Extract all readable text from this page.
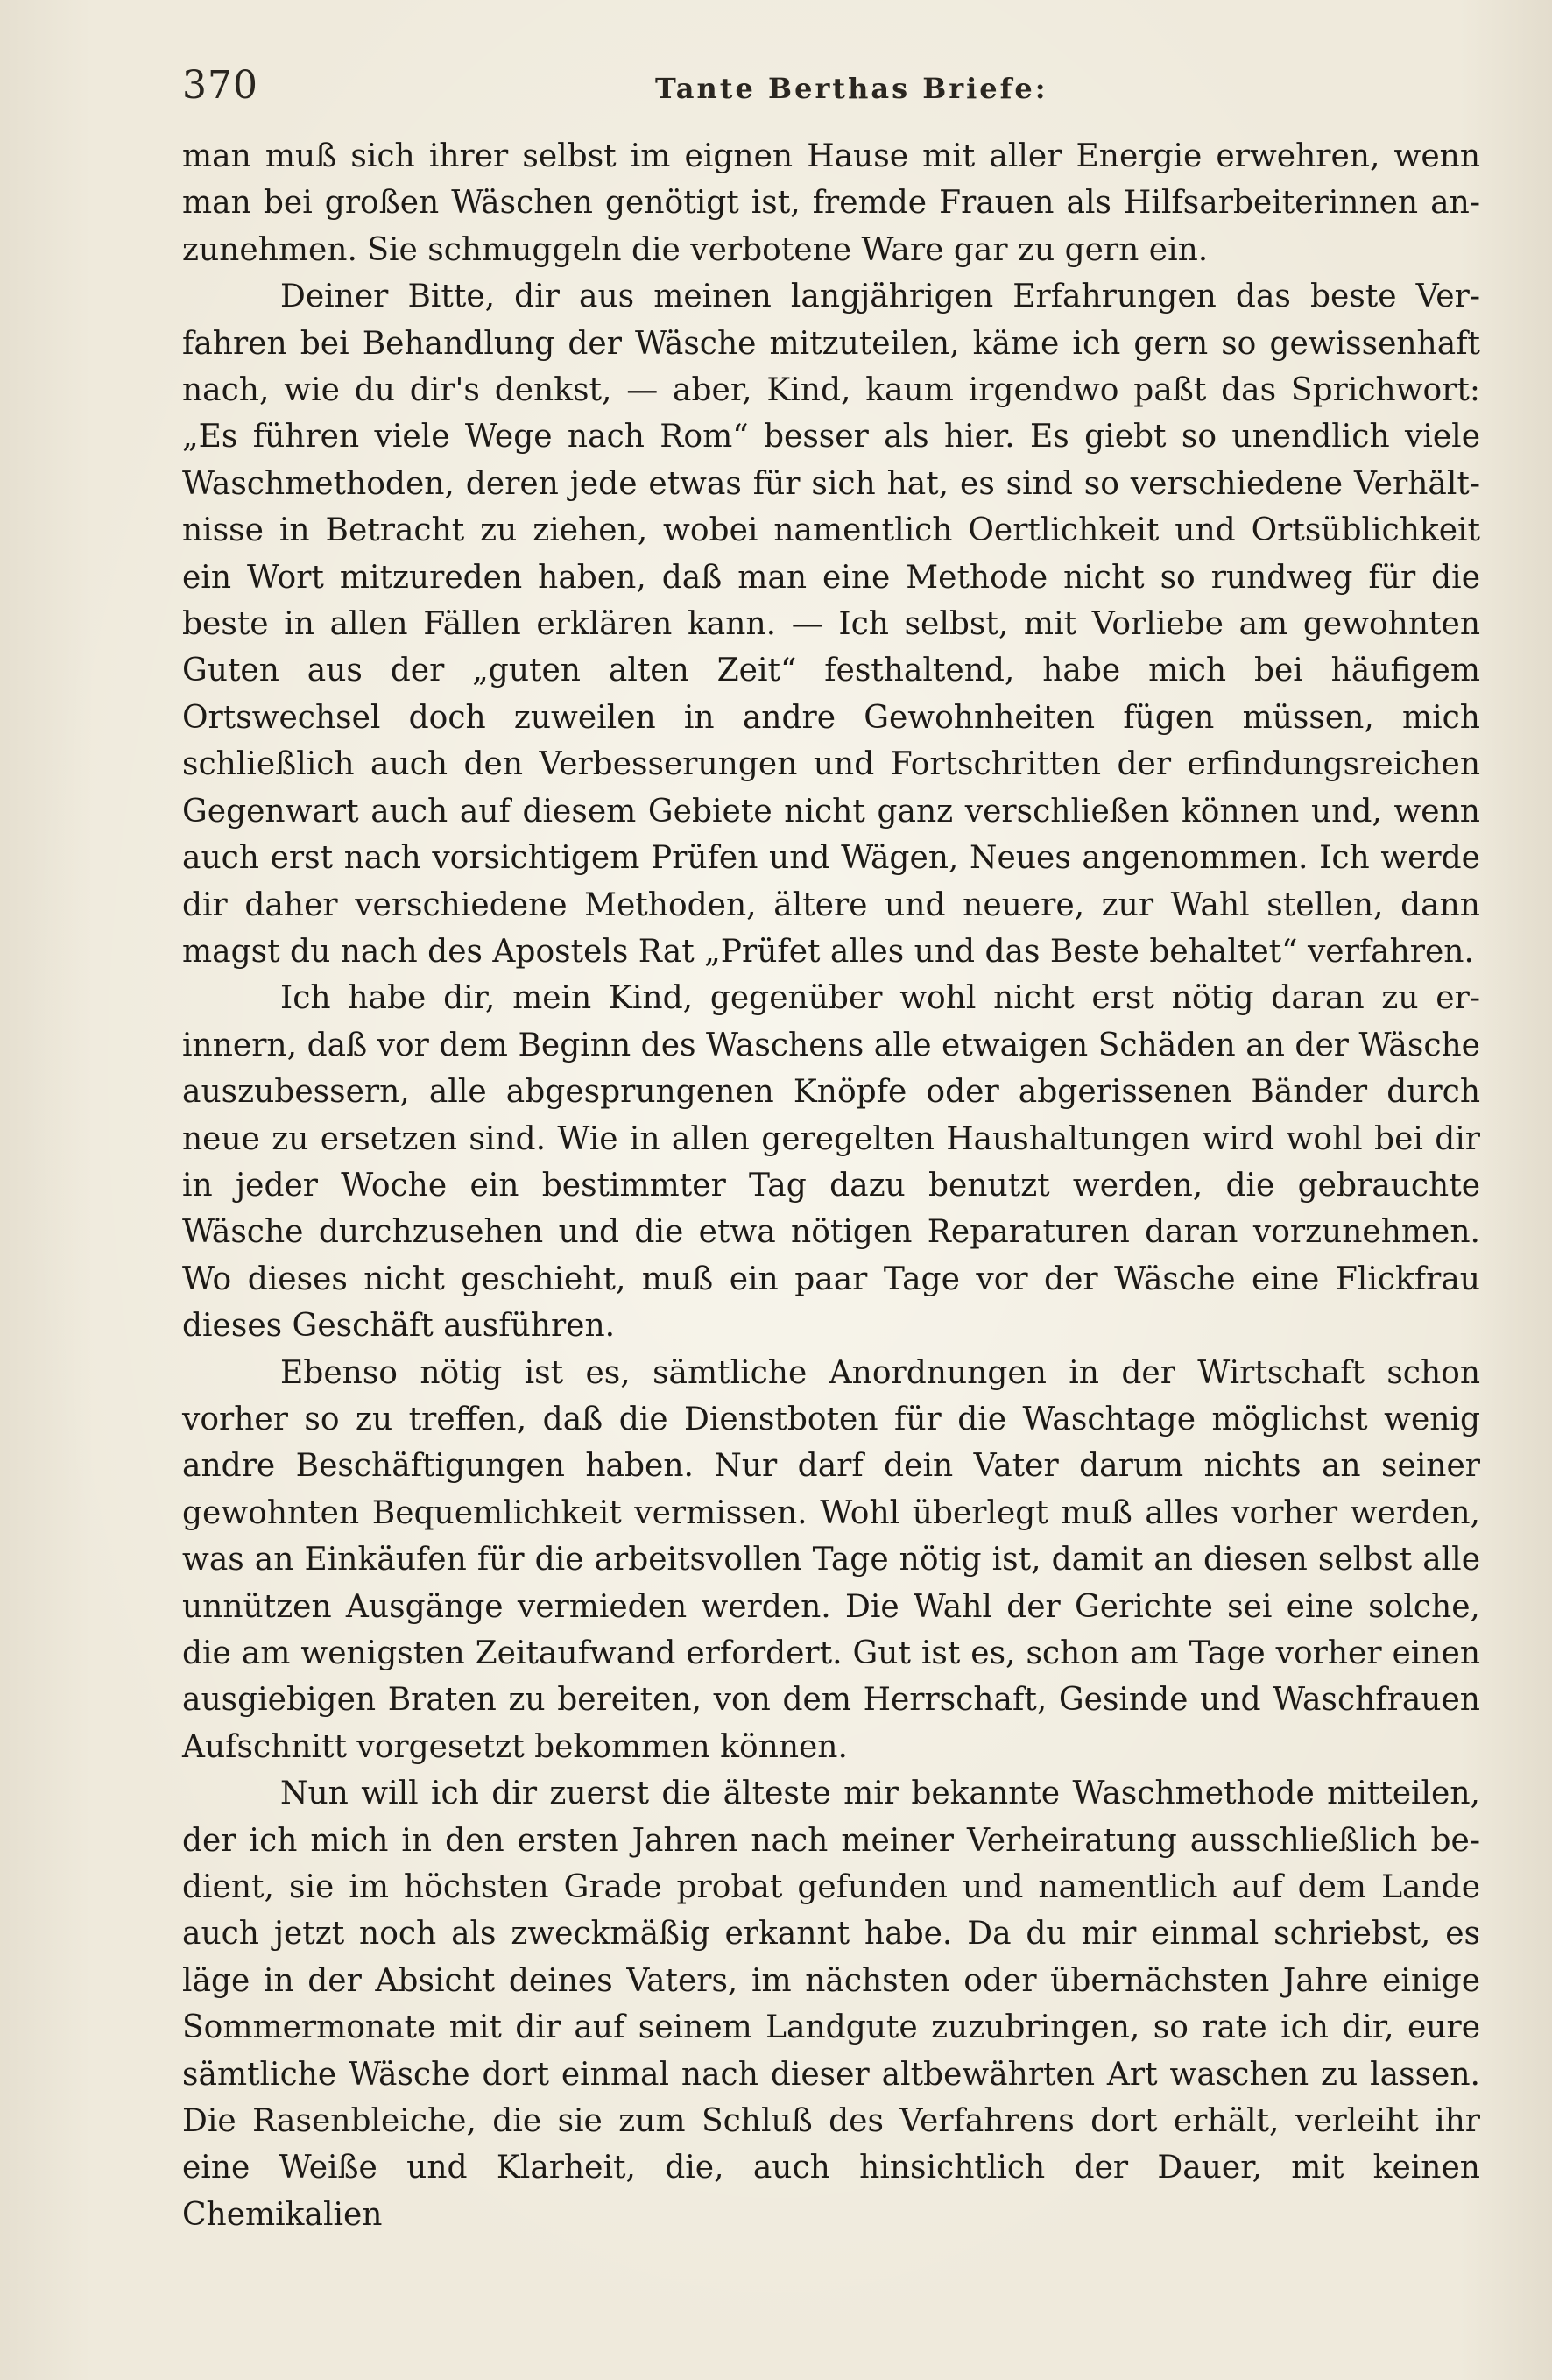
370	Tante Berthas Briefe:

man muß sich ihrer selbst im eignen Hause mit aller Energie erwehren, wenn man bei großen Wäschen genötigt ist, fremde Frauen als Hilfsarbeiterinnen anzunehmen. Sie schmuggeln die verbotene Ware gar zu gern ein.

Deiner Bitte, dir aus meinen langjährigen Erfahrungen das beste Verfahren bei Behandlung der Wäsche mitzuteilen, käme ich gern so gewissenhaft nach, wie du dir's denkst, — aber, Kind, kaum irgendwo paßt das Sprichwort: „Es führen viele Wege nach Rom“ besser als hier. Es giebt so unendlich viele Waschmethoden, deren jede etwas für sich hat, es sind so verschiedene Verhältnisse in Betracht zu ziehen, wobei namentlich Oertlichkeit und Ortsüblichkeit ein Wort mitzureden haben, daß man eine Methode nicht so rundweg für die beste in allen Fällen erklären kann. — Ich selbst, mit Vorliebe am gewohnten Guten aus der „guten alten Zeit“ festhaltend, habe mich bei häufigem Ortswechsel doch zuweilen in andre Gewohnheiten fügen müssen, mich schließlich auch den Verbesserungen und Fortschritten der erfindungsreichen Gegenwart auch auf diesem Gebiete nicht ganz verschließen können und, wenn auch erst nach vorsichtigem Prüfen und Wägen, Neues angenommen. Ich werde dir daher verschiedene Methoden, ältere und neuere, zur Wahl stellen, dann magst du nach des Apostels Rat „Prüfet alles und das Beste behaltet“ verfahren.

Ich habe dir, mein Kind, gegenüber wohl nicht erst nötig daran zu erinnern, daß vor dem Beginn des Waschens alle etwaigen Schäden an der Wäsche auszubessern, alle abgesprungenen Knöpfe oder abgerissenen Bänder durch neue zu ersetzen sind. Wie in allen geregelten Haushaltungen wird wohl bei dir in jeder Woche ein bestimmter Tag dazu benutzt werden, die gebrauchte Wäsche durchzusehen und die etwa nötigen Reparaturen daran vorzunehmen. Wo dieses nicht geschieht, muß ein paar Tage vor der Wäsche eine Flickfrau dieses Geschäft ausführen.

Ebenso nötig ist es, sämtliche Anordnungen in der Wirtschaft schon vorher so zu treffen, daß die Dienstboten für die Waschtage möglichst wenig andre Beschäftigungen haben. Nur darf dein Vater darum nichts an seiner gewohnten Bequemlichkeit vermissen. Wohl überlegt muß alles vorher werden, was an Einkäufen für die arbeitsvollen Tage nötig ist, damit an diesen selbst alle unnützen Ausgänge vermieden werden. Die Wahl der Gerichte sei eine solche, die am wenigsten Zeitaufwand erfordert. Gut ist es, schon am Tage vorher einen ausgiebigen Braten zu bereiten, von dem Herrschaft, Gesinde und Waschfrauen Aufschnitt vorgesetzt bekommen können.

Nun will ich dir zuerst die älteste mir bekannte Waschmethode mitteilen, der ich mich in den ersten Jahren nach meiner Verheiratung ausschließlich bedient, sie im höchsten Grade probat gefunden und namentlich auf dem Lande auch jetzt noch als zweckmäßig erkannt habe. Da du mir einmal schriebst, es läge in der Absicht deines Vaters, im nächsten oder übernächsten Jahre einige Sommermonate mit dir auf seinem Landgute zuzubringen, so rate ich dir, eure sämtliche Wäsche dort einmal nach dieser altbewährten Art waschen zu lassen. Die Rasenbleiche, die sie zum Schluß des Verfahrens dort erhält, verleiht ihr eine Weiße und Klarheit, die, auch hinsichtlich der Dauer, mit keinen Chemikalien
